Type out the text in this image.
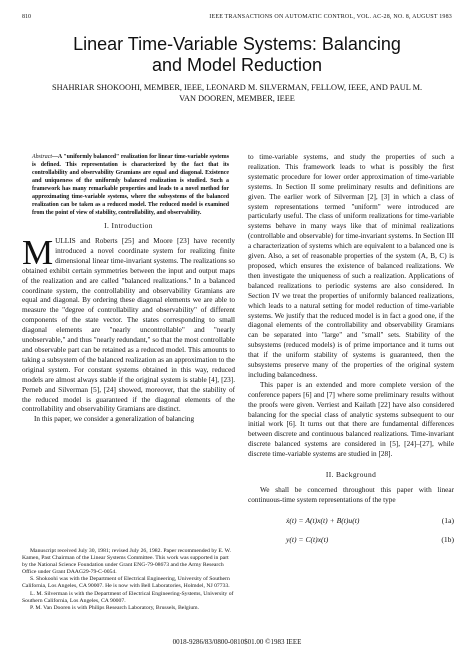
810	IEEE TRANSACTIONS ON AUTOMATIC CONTROL, VOL. AC-28, NO. 8, AUGUST 1983
Linear Time-Variable Systems: Balancing
and Model Reduction
SHAHRIAR SHOKOOHI, MEMBER, IEEE, LEONARD M. SILVERMAN, FELLOW, IEEE, AND PAUL M.
VAN DOOREN, MEMBER, IEEE

Abstract—A "uniformly balanced" realization for linear time-variable systems is defined. This representation is characterized by the fact that its controllability and observability Gramians are equal and diagonal. Existence and uniqueness of the uniformly balanced realization is studied. Such a framework has many remarkable properties and leads to a novel method for approximating time-variable systems, where the subsystems of the balanced realization can be taken as a reduced model. The reduced model is examined from the point of view of stability, controllability, and observability.

I. Introduction

MULLIS and Roberts [25] and Moore [23] have recently introduced a novel coordinate system for realizing finite dimensional linear time-invariant systems. The realizations so obtained exhibit certain symmetries between the input and output maps of the realization and are called "balanced realizations." In a balanced coordinate system, the controllability and observability Gramians are equal and diagonal. By ordering these diagonal elements we are able to measure the "degree of controllability and observability" of different components of the state vector. The states corresponding to small diagonal elements are "nearly uncontrollable" and "nearly unobservable," and thus "nearly redundant," so that the most controllable and observable part can be retained as a reduced model. This amounts to taking a subsystem of the balanced realization as an approximation to the original system. For constant systems obtained in this way, reduced models are almost always stable if the original system is stable [4], [23]. Perneb and Silverman [5], [24] showed, moreover, that the stability of the reduced model is guaranteed if the diagonal elements of the controllability and observability Gramians are distinct.

In this paper, we consider a generalization of balancing

Manuscript received July 30, 1981; revised July 26, 1982. Paper recommended by E. W. Kamen, Past Chairman of the Linear Systems Committee. This work was supported in part by the National Science Foundation under Grant ENG-79-08673 and the Army Research Office under Grant DAAG29-79-C-0054.

S. Shokoohi was with the Department of Electrical Engineering, University of Southern California, Los Angeles, CA 90007. He is now with Bell Laboratories, Holmdel, NJ 07733.

L. M. Silverman is with the Department of Electrical Engineering-Systems, University of Southern California, Los Angeles, CA 90007.

P. M. Van Dooren is with Philips Research Laboratory, Brussels, Belgium.

to time-variable systems, and study the properties of such a realization. This framework leads to what is possibly the first systematic procedure for lower order approximation of time-variable systems. In Section II some preliminary results and definitions are given. The earlier work of Silverman [2], [3] in which a class of system representations termed "uniform" were introduced are particularly useful. The class of uniform realizations for time-variable systems behave in many ways like that of minimal realizations (controllable and observable) for time-invariant systems. In Section III a characterization of systems which are equivalent to a balanced one is given. Also, a set of reasonable properties of the system (A, B, C) is proposed, which ensures the existence of balanced realizations. We then investigate the uniqueness of such a realization. Applications of balanced realizations to periodic systems are also considered. In Section IV we treat the properties of uniformly balanced realizations, which leads to a natural setting for model reduction of time-variable systems. We justify that the reduced model is in fact a good one, if the diagonal elements of the controllability and observability Gramians can be separated into "large" and "small" sets. Stability of the subsystems (reduced models) is of prime importance and it turns out that if the uniform stability of systems is guaranteed, then the subsystems preserve many of the properties of the original system including balancedness.

This paper is an extended and more complete version of the conference papers [6] and [7] where some preliminary results without the proofs were given. Verriest and Kailath [22] have also considered balancing for the special class of analytic systems subsequent to our initial work [6]. It turns out that there are fundamental differences between discrete and continuous balanced realizations. Time-invariant discrete balanced systems are considered in [5], [24]–[27], while discrete time-variable systems are studied in [28].

II. Background

We shall be concerned throughout this paper with linear continuous-time system representations of the type

ẋ(t) = A(t)x(t) + B(t)u(t)	(1a)
y(t) = C(t)x(t)	(1b)
0018-9286/83/0800-0810$01.00 ©1983 IEEE
